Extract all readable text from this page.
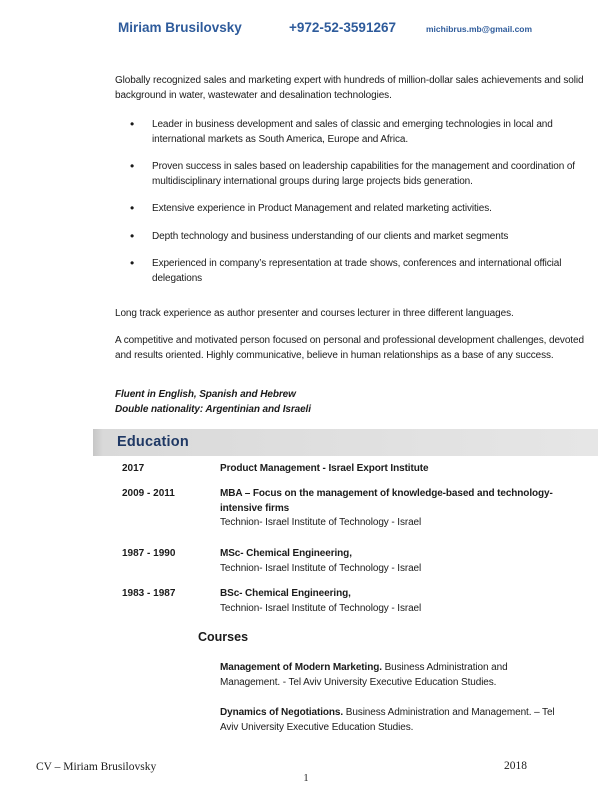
Miriam Brusilovsky	+972-52-3591267	michibrus.mb@gmail.com
Globally recognized sales and marketing expert with hundreds of million-dollar sales achievements and solid background in water, wastewater and desalination technologies.
• Leader in business development and sales of classic and emerging technologies in local and international markets as South America, Europe and Africa.
• Proven success in sales based on leadership capabilities for the management and coordination of multidisciplinary international groups during large projects bids generation.
• Extensive experience in Product Management and related marketing activities.
• Depth technology and business understanding of our clients and market segments
• Experienced in company’s representation at trade shows, conferences and international official delegations
Long track experience as author presenter and courses lecturer in three different languages.
A competitive and motivated person focused on personal and professional development challenges, devoted and results oriented. Highly communicative, believe in human relationships as a base of any success.
Fluent in English, Spanish and Hebrew
Double nationality: Argentinian and Israeli
Education
2017	Product Management - Israel Export Institute
2009 - 2011	MBA – Focus on the management of knowledge-based and technology-intensive firms
Technion- Israel Institute of Technology - Israel
1987 - 1990	MSc- Chemical Engineering,
Technion- Israel Institute of Technology - Israel
1983 - 1987	BSc- Chemical Engineering,
Technion- Israel Institute of Technology - Israel
Courses
Management of Modern Marketing. Business Administration and Management. - Tel Aviv University Executive Education Studies.
Dynamics of Negotiations. Business Administration and Management. – Tel Aviv University Executive Education Studies.
CV – Miriam Brusilovsky	2018
1
